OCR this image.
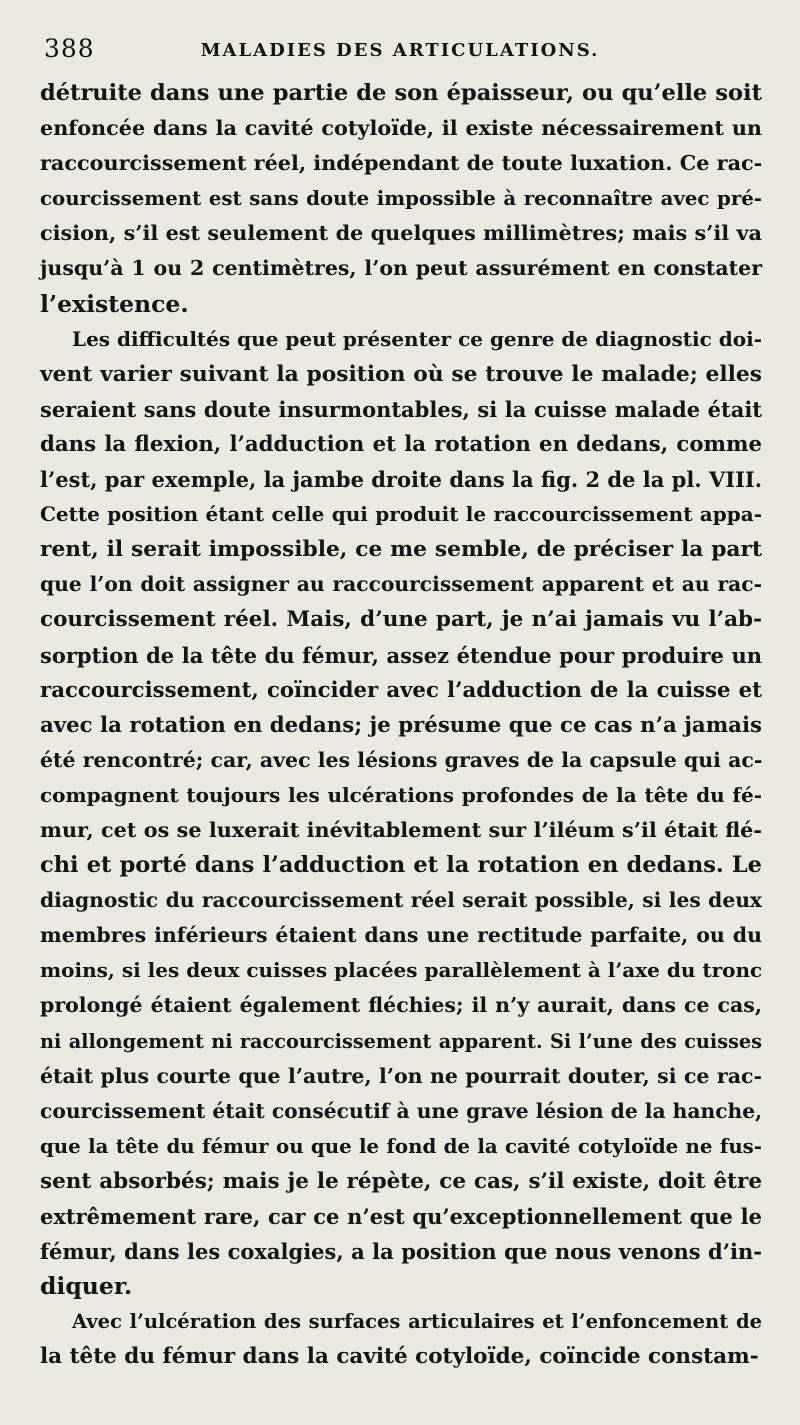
388	MALADIES DES ARTICULATIONS.
détruite dans une partie de son épaisseur, ou qu’elle soit
enfoncée dans la cavité cotyloïde, il existe nécessairement un
raccourcissement réel, indépendant de toute luxation. Ce rac-
courcissement est sans doute impossible à reconnaître avec pré-
cision, s’il est seulement de quelques millimètres; mais s’il va
jusqu’à 1 ou 2 centimètres, l’on peut assurément en constater
l’existence.
Les difficultés que peut présenter ce genre de diagnostic doi-
vent varier suivant la position où se trouve le malade; elles
seraient sans doute insurmontables, si la cuisse malade était
dans la flexion, l’adduction et la rotation en dedans, comme
l’est, par exemple, la jambe droite dans la fig. 2 de la pl. VIII.
Cette position étant celle qui produit le raccourcissement appa-
rent, il serait impossible, ce me semble, de préciser la part
que l’on doit assigner au raccourcissement apparent et au rac-
courcissement réel. Mais, d’une part, je n’ai jamais vu l’ab-
sorption de la tête du fémur, assez étendue pour produire un
raccourcissement, coïncider avec l’adduction de la cuisse et
avec la rotation en dedans; je présume que ce cas n’a jamais
été rencontré; car, avec les lésions graves de la capsule qui ac-
compagnent toujours les ulcérations profondes de la tête du fé-
mur, cet os se luxerait inévitablement sur l’iléum s’il était flé-
chi et porté dans l’adduction et la rotation en dedans. Le
diagnostic du raccourcissement réel serait possible, si les deux
membres inférieurs étaient dans une rectitude parfaite, ou du
moins, si les deux cuisses placées parallèlement à l’axe du tronc
prolongé étaient également fléchies; il n’y aurait, dans ce cas,
ni allongement ni raccourcissement apparent. Si l’une des cuisses
était plus courte que l’autre, l’on ne pourrait douter, si ce rac-
courcissement était consécutif à une grave lésion de la hanche,
que la tête du fémur ou que le fond de la cavité cotyloïde ne fus-
sent absorbés; mais je le répète, ce cas, s’il existe, doit être
extrêmement rare, car ce n’est qu’exceptionnellement que le
fémur, dans les coxalgies, a la position que nous venons d’in-
diquer.
Avec l’ulcération des surfaces articulaires et l’enfoncement de
la tête du fémur dans la cavité cotyloïde, coïncide constam-
